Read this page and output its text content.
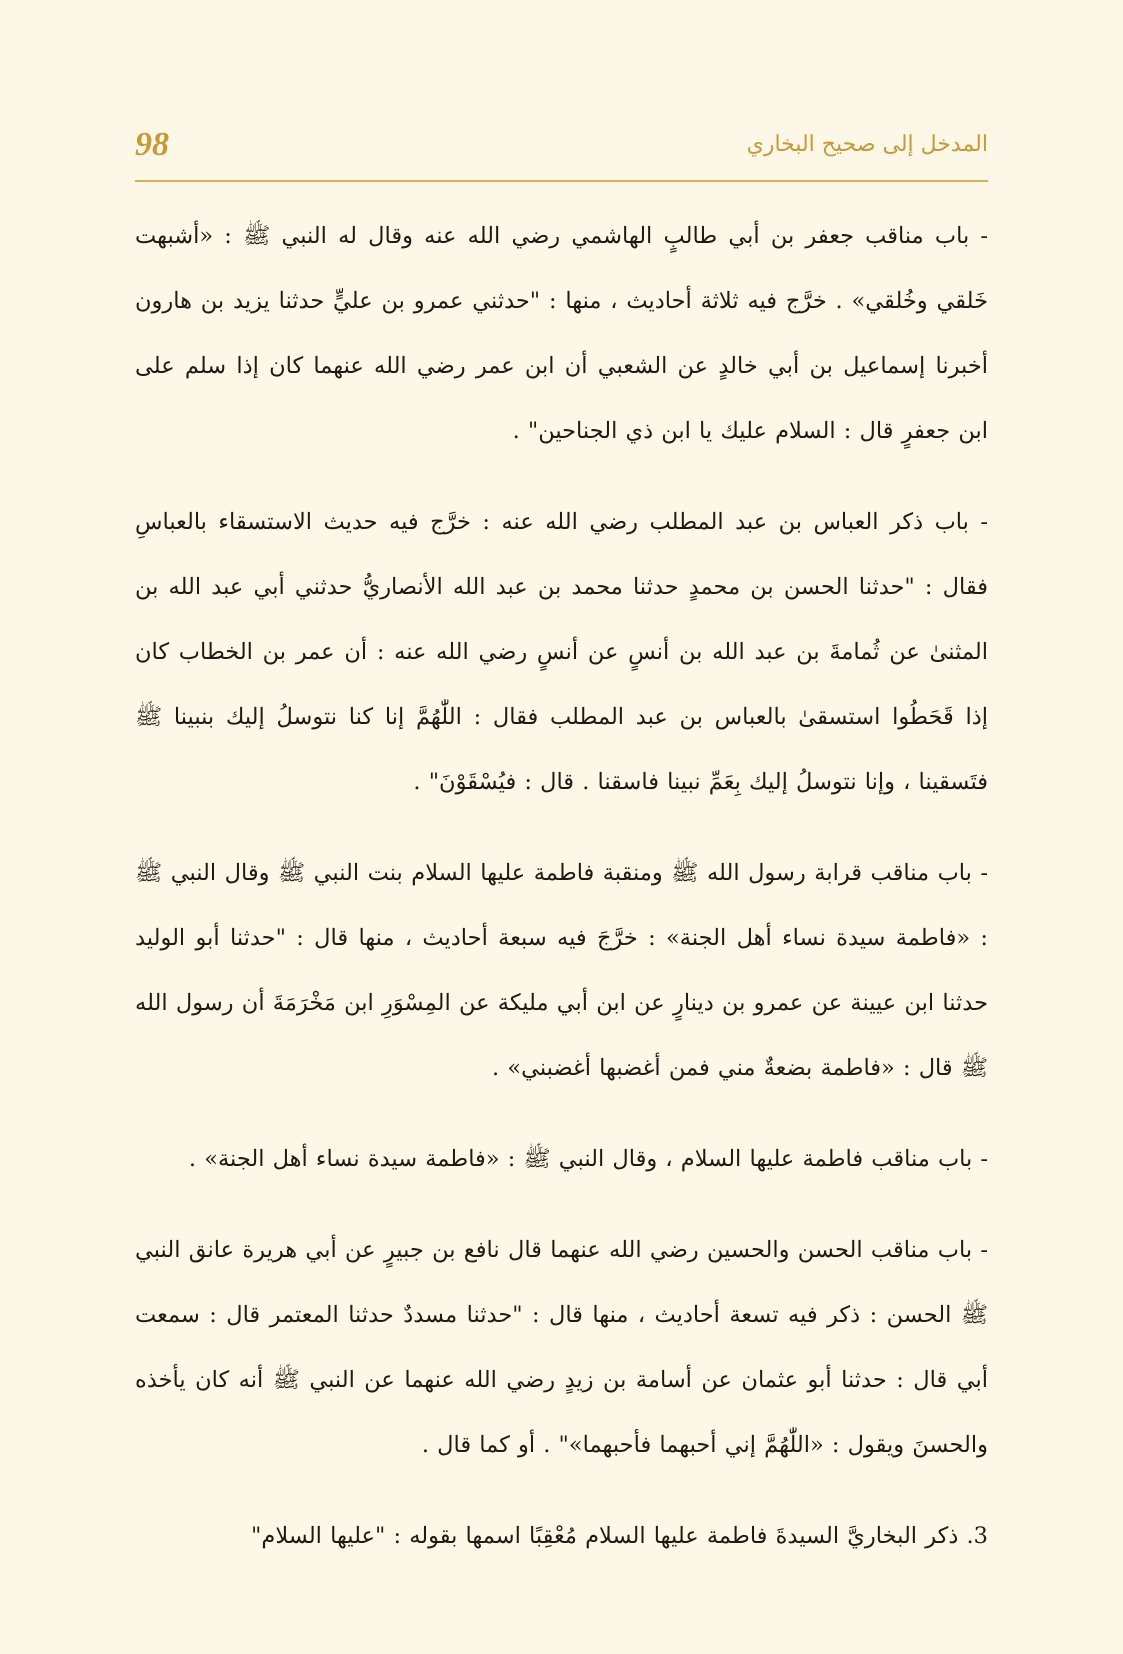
98	المدخل إلى صحيح البخاري

- باب مناقب جعفر بن أبي طالبٍ الهاشمي رضي الله عنه وقال له النبي ﷺ : «أشبهت خَلقي وخُلقي» . خرَّج فيه ثلاثة أحاديث ، منها : "حدثني عمرو بن عليٍّ حدثنا يزيد بن هارون أخبرنا إسماعيل بن أبي خالدٍ عن الشعبي أن ابن عمر رضي الله عنهما كان إذا سلم على ابن جعفرٍ قال : السلام عليك يا ابن ذي الجناحين" .

- باب ذكر العباس بن عبد المطلب رضي الله عنه : خرَّج فيه حديث الاستسقاء بالعباسِ فقال : "حدثنا الحسن بن محمدٍ حدثنا محمد بن عبد الله الأنصاريُّ حدثني أبي عبد الله بن المثنىٰ عن ثُمامةَ بن عبد الله بن أنسٍ عن أنسٍ رضي الله عنه : أن عمر بن الخطاب كان إذا قَحَطُوا استسقىٰ بالعباس بن عبد المطلب فقال : اللّٰهُمَّ إنا كنا نتوسلُ إليك بنبينا ﷺ فتَسقينا ، وإنا نتوسلُ إليك بِعَمِّ نبينا فاسقنا . قال : فيُسْقَوْنَ" .

- باب مناقب قرابة رسول الله ﷺ ومنقبة فاطمة عليها السلام بنت النبي ﷺ وقال النبي ﷺ : «فاطمة سيدة نساء أهل الجنة» : خرَّجَ فيه سبعة أحاديث ، منها قال : "حدثنا أبو الوليد حدثنا ابن عيينة عن عمرو بن دينارٍ عن ابن أبي مليكة عن المِسْوَرِ ابن مَخْرَمَةَ أن رسول الله ﷺ قال : «فاطمة بضعةٌ مني فمن أغضبها أغضبني» .

- باب مناقب فاطمة عليها السلام ، وقال النبي ﷺ : «فاطمة سيدة نساء أهل الجنة» .

- باب مناقب الحسن والحسين رضي الله عنهما قال نافع بن جبيرٍ عن أبي هريرة عانق النبي ﷺ الحسن : ذكر فيه تسعة أحاديث ، منها قال : "حدثنا مسددٌ حدثنا المعتمر قال : سمعت أبي قال : حدثنا أبو عثمان عن أسامة بن زيدٍ رضي الله عنهما عن النبي ﷺ أنه كان يأخذه والحسنَ ويقول : «اللّٰهُمَّ إني أحبهما فأحبهما»" . أو كما قال .

3. ذكر البخاريَّ السيدةَ فاطمة عليها السلام مُعْقِبًا اسمها بقوله : "عليها السلام"
